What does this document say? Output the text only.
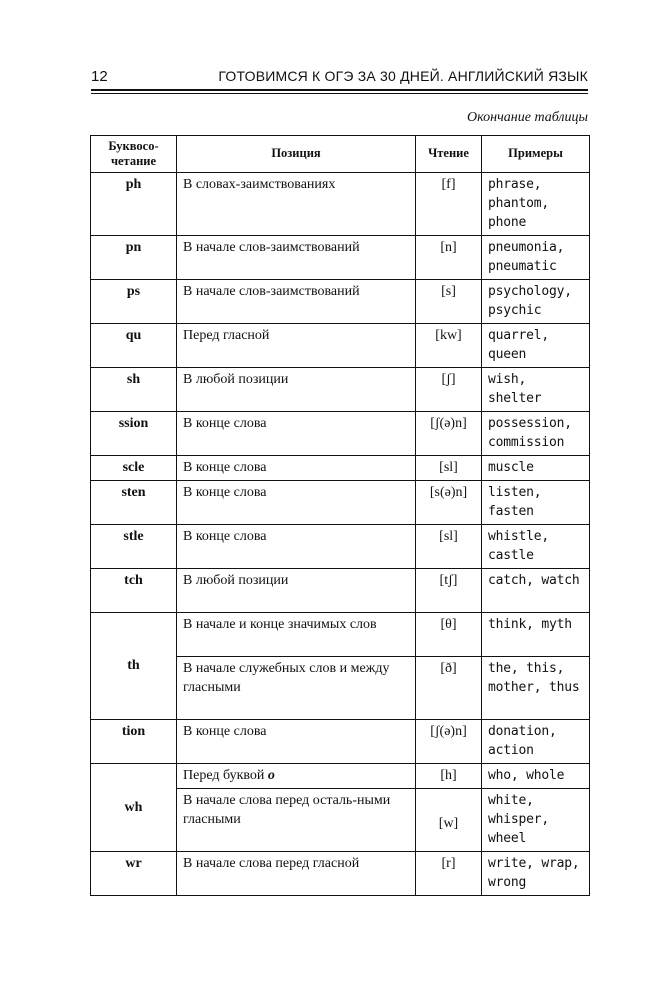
12	ГОТОВИМСЯ К ОГЭ ЗА 30 ДНЕЙ. АНГЛИЙСКИЙ ЯЗЫК
Окончание таблицы
Буквосо-четание	Позиция	Чтение	Примеры
ph	В словах-заимствованиях	[f]	phrase, phantom, phone
pn	В начале слов-заимствований	[n]	pneumonia, pneumatic
ps	В начале слов-заимствований	[s]	psychology, psychic
qu	Перед гласной	[kw]	quarrel, queen
sh	В любой позиции	[ʃ]	wish, shelter
ssion	В конце слова	[ʃ(ə)n]	possession, commission
scle	В конце слова	[sl]	muscle
sten	В конце слова	[s(ə)n]	listen, fasten
stle	В конце слова	[sl]	whistle, castle
tch	В любой позиции	[tʃ]	catch, watch
th	В начале и конце значимых слов	[θ]	think, myth
	В начале служебных слов и между гласными	[ð]	the, this, mother, thus
tion	В конце слова	[ʃ(ə)n]	donation, action
wh	Перед буквой o	[h]	who, whole
	В начале слова перед осталь-ными гласными	[w]	white, whisper, wheel
wr	В начале слова перед гласной	[r]	write, wrap, wrong
